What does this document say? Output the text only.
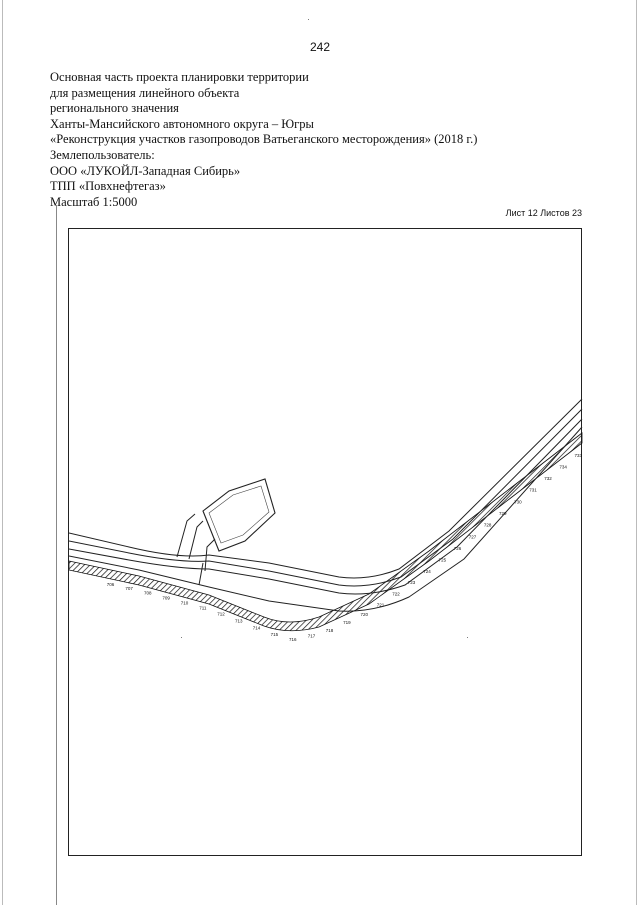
242
Основная часть проекта планировки территории
для размещения линейного объекта
регионального значения
Ханты-Мансийского автономного округа – Югры
«Реконструкция участков газопроводов Ватьеганского месторождения» (2018 г.)
Землепользователь:
ООО «ЛУКОЙЛ-Западная Сибирь»
ТПП «Повхнефтегаз»
Масштаб 1:5000
Лист 12 Листов 23
733
734
732
731
730
729
728
727
726
725
724
723
722
721
720
719
718
717
716
715
714
713
712
711
710
709
708
707
706
·
·	·
